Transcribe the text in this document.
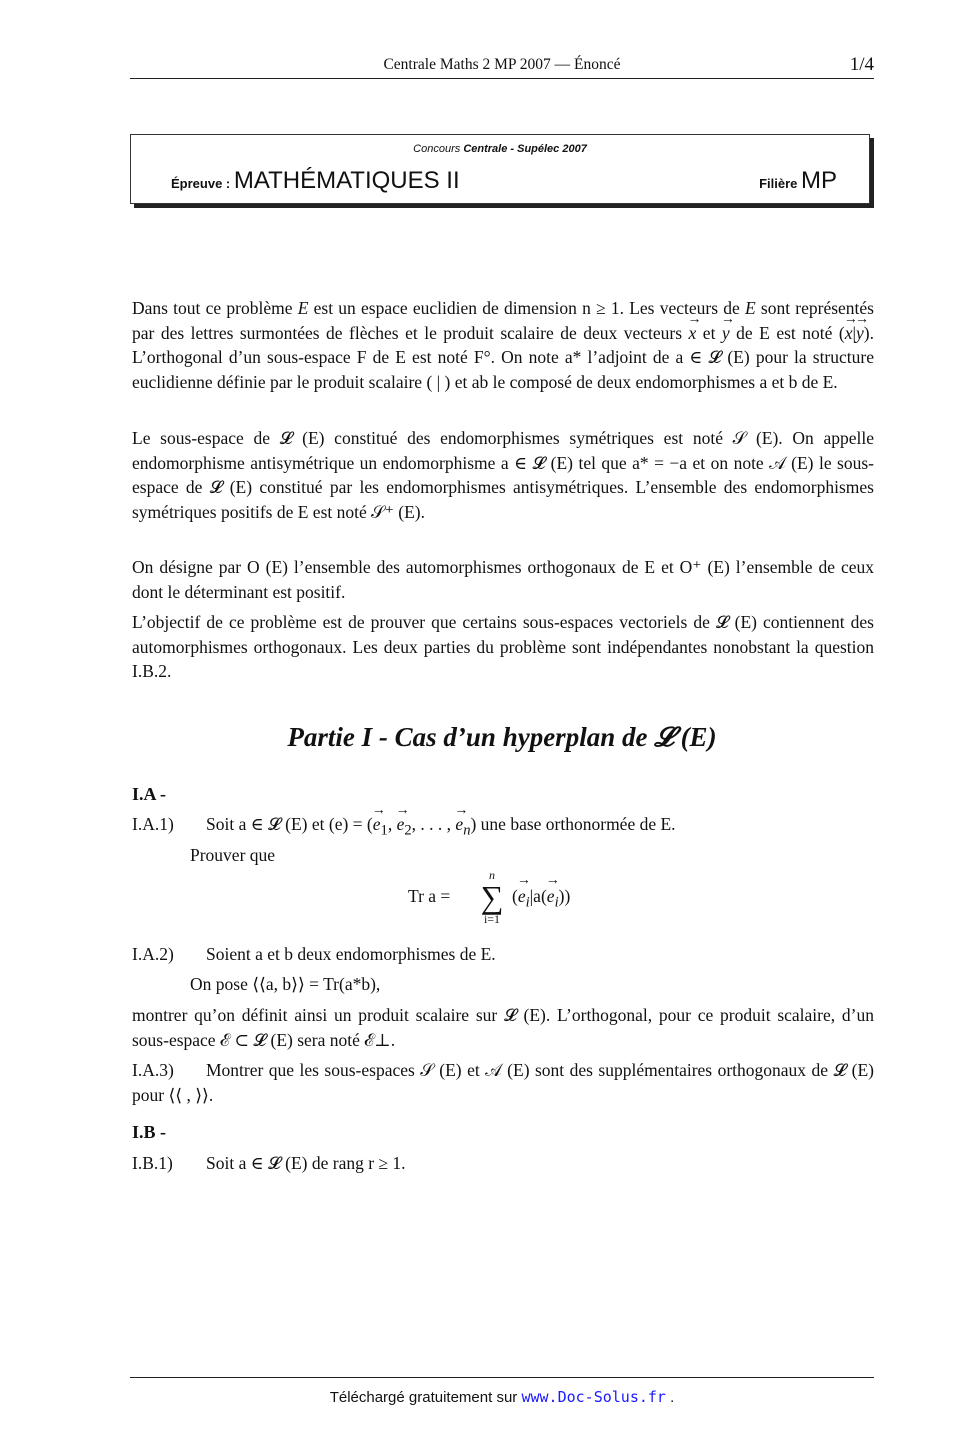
Centrale Maths 2 MP 2007 — Énoncé	1/4
Concours Centrale - Supélec 2007
Épreuve : MATHÉMATIQUES II	Filière MP
Dans tout ce problème E est un espace euclidien de dimension n ≥ 1. Les vecteurs de E sont représentés par des lettres surmontées de flèches et le produit scalaire de deux vecteurs → x et → y de E est noté (→ x|→ y). L’orthogonal d’un sous-espace F de E est noté F°. On note a* l’adjoint de a ∈ 𝓛 (E) pour la structure euclidienne définie par le produit scalaire ( | ) et ab le composé de deux endomorphismes a et b de E.
Le sous-espace de 𝓛 (E) constitué des endomorphismes symétriques est noté 𝒮 (E). On appelle endomorphisme antisymétrique un endomorphisme a ∈ 𝓛 (E) tel que a* = −a et on note 𝒜 (E) le sous-espace de 𝓛 (E) constitué par les endomorphismes antisymétriques. L’ensemble des endomorphismes symétriques positifs de E est noté 𝒮⁺ (E).
On désigne par O (E) l’ensemble des automorphismes orthogonaux de E et O⁺ (E) l’ensemble de ceux dont le déterminant est positif.
L’objectif de ce problème est de prouver que certains sous-espaces vectoriels de 𝓛 (E) contiennent des automorphismes orthogonaux. Les deux parties du problème sont indépendantes nonobstant la question I.B.2.
Partie I - Cas d’un hyperplan de 𝓛 (E)
I.A -
I.A.1) Soit a ∈ 𝓛 (E) et (e) = (→ $e_1$, → $e_2$, . . . , → $e_n$) une base orthonormée de E.
Prouver que
Tr a =
n
∑
i=1
(→ $e_i|a(\to e_i)$)
I.A.2) Soient a et b deux endomorphismes de E.
On pose ⟨⟨a, b⟩⟩ = Tr(a*b),
montrer qu’on définit ainsi un produit scalaire sur 𝓛 (E). L’orthogonal, pour ce produit scalaire, d’un sous-espace ℰ ⊂ 𝓛 (E) sera noté ℰ⊥.
I.A.3) Montrer que les sous-espaces 𝒮 (E) et 𝒜 (E) sont des supplémentaires orthogonaux de 𝓛 (E) pour ⟨⟨ , ⟩⟩.
I.B -
I.B.1) Soit a ∈ 𝓛 (E) de rang r ≥ 1.
Téléchargé gratuitement sur www.Doc-Solus.fr .
